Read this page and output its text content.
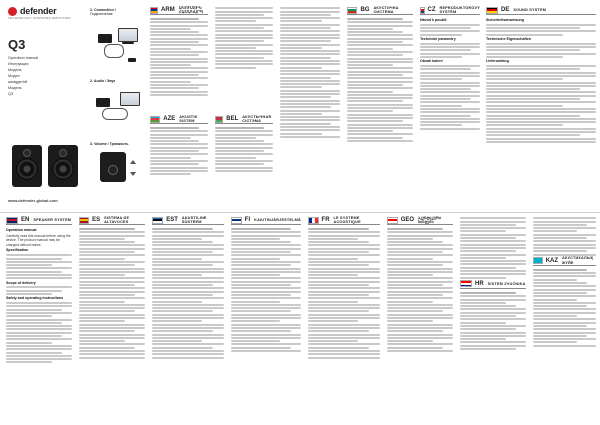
defender
TECHNOLOGY INSPIRING EMOTIONS
Q3
Operation manual
Инструкция
Модель
Модел
шпaggerhtf
Модель
Q3
www.defender-global.com
1. Connection /
Подключение
2. Audio / Звук
3. Volume / Громкость
ARM ԱԿՈՒՍՏԻԿ ՀԱՄԱԿԱՐԳ
AZE AKUSTIK SISTEM	BEL АКУСТЫЧНАЯ СІСТЭМА
BG АКУСТИЧНА СИСТЕМА	CZ REPRODUKTOROVÝ SYSTÉM

Návod k použití

Technické parametry

Obsah balení

DE SOUND SYSTEM

Sicherheitsanweisung

Technische Eigenschaften

Lieferumfang

EN SPEAKER SYSTEM

Operation manual

Carefully read this manual before using the device. The product manual may be changed without notice.

Specification

Scope of delivery

Safety and operating instructions

ES SISTEMA DE ALTAVOCES	EST AKUSTILINE SÜSTEEM	FI KAIUTINJÄRJESTELMÄ	FR LE SYSTÈME ACOUSTIQUE	GEO აკუსტიკური სისტემა
HR SISTEM ZVUČNIKA
KAZ АКУСТИКАЛЫҚ ЖҮЙЕ
